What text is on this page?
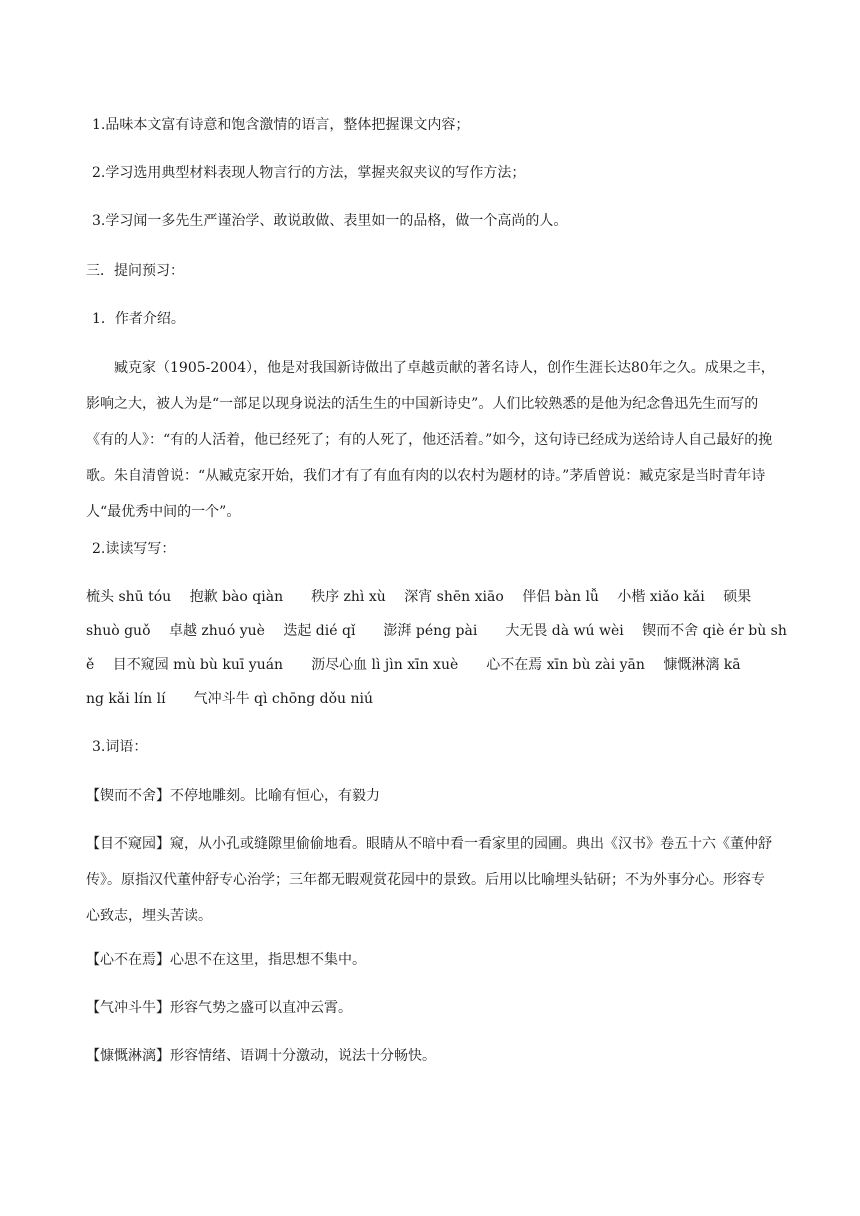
1.品味本文富有诗意和饱含激情的语言，整体把握课文内容；
2.学习选用典型材料表现人物言行的方法，掌握夹叙夹议的写作方法；
3.学习闻一多先生严谨治学、敢说敢做、表里如一的品格，做一个高尚的人。
三．提问预习：
1．作者介绍。
臧克家（1905-2004），他是对我国新诗做出了卓越贡献的著名诗人，创作生涯长达80年之久。成果之丰，影响之大，被人为是“一部足以现身说法的活生生的中国新诗史”。人们比较熟悉的是他为纪念鲁迅先生而写的《有的人》：“有的人活着，他已经死了；有的人死了，他还活着。”如今，这句诗已经成为送给诗人自己最好的挽歌。朱自清曾说：“从臧克家开始，我们才有了有血有肉的以农村为题材的诗。”茅盾曾说：臧克家是当时青年诗人“最优秀中间的一个”。
2.读读写写：
梳头 shū tóu　 抱歉 bào qiàn　　秩序 zhì xù　 深宵 shēn xiāo　 伴侣 bàn lǚ　 小楷 xiǎo kǎi　 硕果
shuò guǒ　 卓越 zhuó yuè　 迭起 dié qǐ　　澎湃 péng pài　　大无畏 dà wú wèi　 锲而不舍 qiè ér bù sh
ě　 目不窥园 mù bù kuī yuán　　沥尽心血 lì jìn xīn xuè　　心不在焉 xīn bù zài yān　 慷慨淋漓 kā
ng kǎi lín lí　　气冲斗牛 qì chōng dǒu niú
3.词语：
【锲而不舍】不停地雕刻。比喻有恒心，有毅力
【目不窥园】窥，从小孔或缝隙里偷偷地看。眼睛从不暗中看一看家里的园圃。典出《汉书》卷五十六《董仲舒传》。原指汉代董仲舒专心治学；三年都无暇观赏花园中的景致。后用以比喻埋头钻研；不为外事分心。形容专心致志，埋头苦读。
【心不在焉】心思不在这里，指思想不集中。
【气冲斗牛】形容气势之盛可以直冲云霄。
【慷慨淋漓】形容情绪、语调十分激动，说法十分畅快。
